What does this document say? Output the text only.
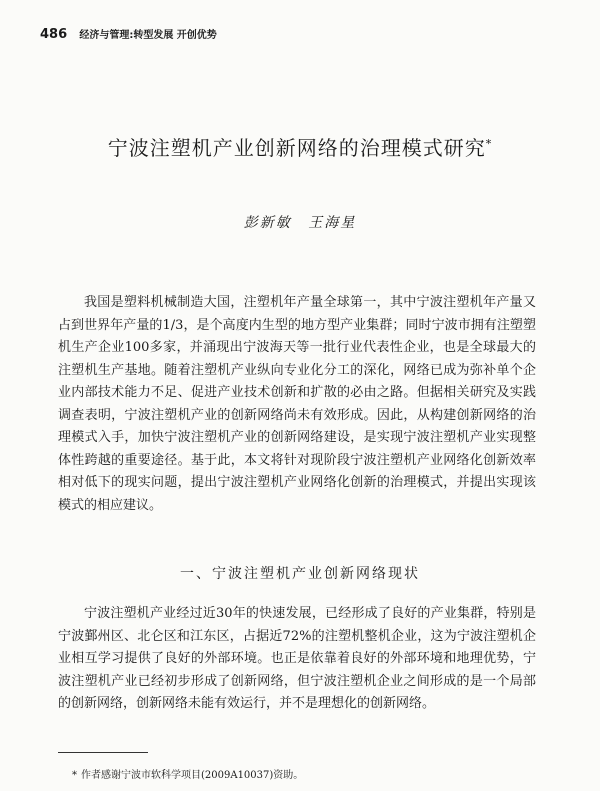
486 经济与管理:转型发展 开创优势
宁波注塑机产业创新网络的治理模式研究*
彭新敏 王海星

我国是塑料机械制造大国，注塑机年产量全球第一，其中宁波注塑机年产量又占到世界年产量的1/3，是个高度内生型的地方型产业集群；同时宁波市拥有注塑塑机生产企业100多家，并涌现出宁波海天等一批行业代表性企业，也是全球最大的注塑机生产基地。随着注塑机产业纵向专业化分工的深化，网络已成为弥补单个企业内部技术能力不足、促进产业技术创新和扩散的必由之路。但据相关研究及实践调查表明，宁波注塑机产业的创新网络尚未有效形成。因此，从构建创新网络的治理模式入手，加快宁波注塑机产业的创新网络建设，是实现宁波注塑机产业实现整体性跨越的重要途径。基于此，本文将针对现阶段宁波注塑机产业网络化创新效率相对低下的现实问题，提出宁波注塑机产业网络化创新的治理模式，并提出实现该模式的相应建议。

一、宁波注塑机产业创新网络现状

宁波注塑机产业经过近30年的快速发展，已经形成了良好的产业集群，特别是宁波鄞州区、北仑区和江东区，占据近72%的注塑机整机企业，这为宁波注塑机企业相互学习提供了良好的外部环境。也正是依靠着良好的外部环境和地理优势，宁波注塑机产业已经初步形成了创新网络，但宁波注塑机企业之间形成的是一个局部的创新网络，创新网络未能有效运行，并不是理想化的创新网络。

* 作者感谢宁波市软科学项目(2009A10037)资助。
